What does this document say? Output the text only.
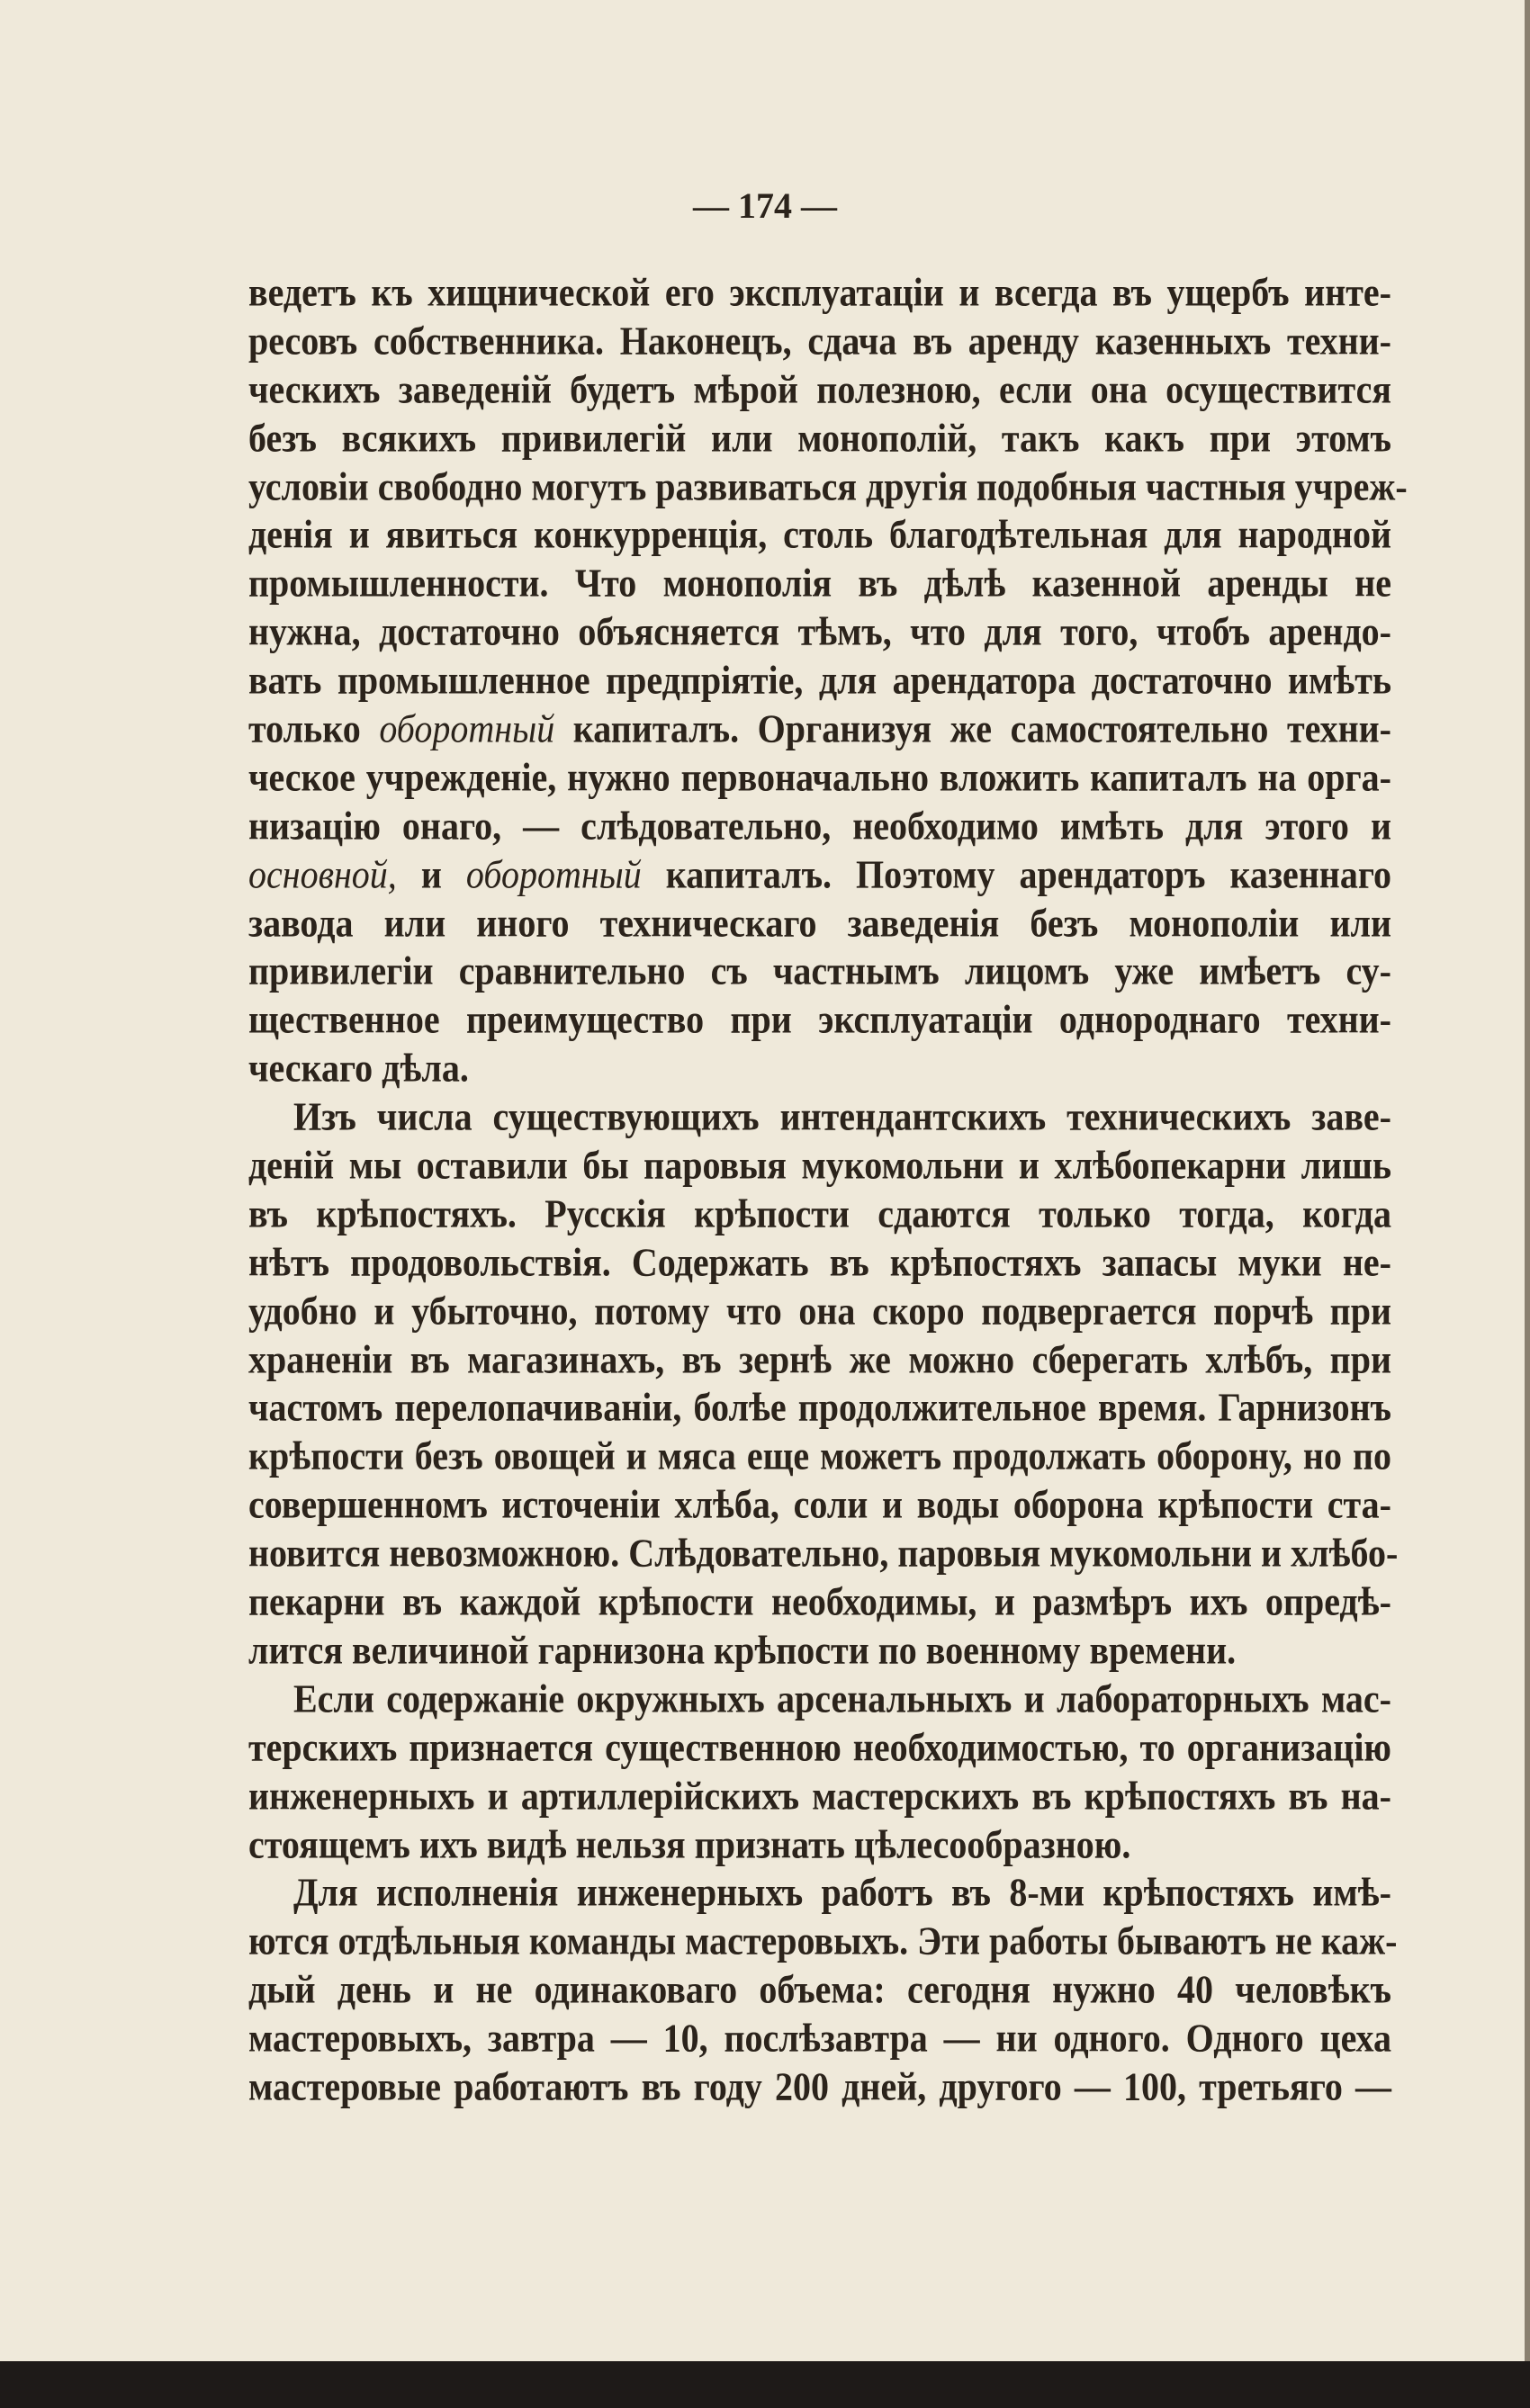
— 174 —
ведетъ къ хищнической его эксплуатаціи и всегда въ ущербъ инте-
ресовъ собственника. Наконецъ, сдача въ аренду казенныхъ техни-
ческихъ заведеній будетъ мѣрой полезною, если она осуществится
безъ всякихъ привилегій или монополій, такъ какъ при этомъ
условіи свободно могутъ развиваться другія подобныя частныя учреж-
денія и явиться конкурренція, столь благодѣтельная для народной
промышленности. Что монополія въ дѣлѣ казенной аренды не
нужна, достаточно объясняется тѣмъ, что для того, чтобъ арендо-
вать промышленное предпріятіе, для арендатора достаточно имѣть
только оборотный капиталъ. Организуя же самостоятельно техни-
ческое учрежденіе, нужно первоначально вложить капиталъ на орга-
низацію онаго, — слѣдовательно, необходимо имѣть для этого и
основной, и оборотный капиталъ. Поэтому арендаторъ казеннаго
завода или иного техническаго заведенія безъ монополіи или
привилегіи сравнительно съ частнымъ лицомъ уже имѣетъ су-
щественное преимущество при эксплуатаціи однороднаго техни-
ческаго дѣла.
Изъ числа существующихъ интендантскихъ техническихъ заве-
деній мы оставили бы паровыя мукомольни и хлѣбопекарни лишь
въ крѣпостяхъ. Русскія крѣпости сдаются только тогда, когда
нѣтъ продовольствія. Содержать въ крѣпостяхъ запасы муки не-
удобно и убыточно, потому что она скоро подвергается порчѣ при
храненіи въ магазинахъ, въ зернѣ же можно сберегать хлѣбъ, при
частомъ перелопачиваніи, болѣе продолжительное время. Гарнизонъ
крѣпости безъ овощей и мяса еще можетъ продолжать оборону, но по
совершенномъ источеніи хлѣба, соли и воды оборона крѣпости ста-
новится невозможною. Слѣдовательно, паровыя мукомольни и хлѣбо-
пекарни въ каждой крѣпости необходимы, и размѣръ ихъ опредѣ-
лится величиной гарнизона крѣпости по военному времени.
Если содержаніе окружныхъ арсенальныхъ и лабораторныхъ мас-
терскихъ признается существенною необходимостью, то организацію
инженерныхъ и артиллерійскихъ мастерскихъ въ крѣпостяхъ въ на-
стоящемъ ихъ видѣ нельзя признать цѣлесообразною.
Для исполненія инженерныхъ работъ въ 8-ми крѣпостяхъ имѣ-
ются отдѣльныя команды мастеровыхъ. Эти работы бываютъ не каж-
дый день и не одинаковаго объема: сегодня нужно 40 человѣкъ
мастеровыхъ, завтра — 10, послѣзавтра — ни одного. Одного цеха
мастеровые работаютъ въ году 200 дней, другого — 100, третьяго —
